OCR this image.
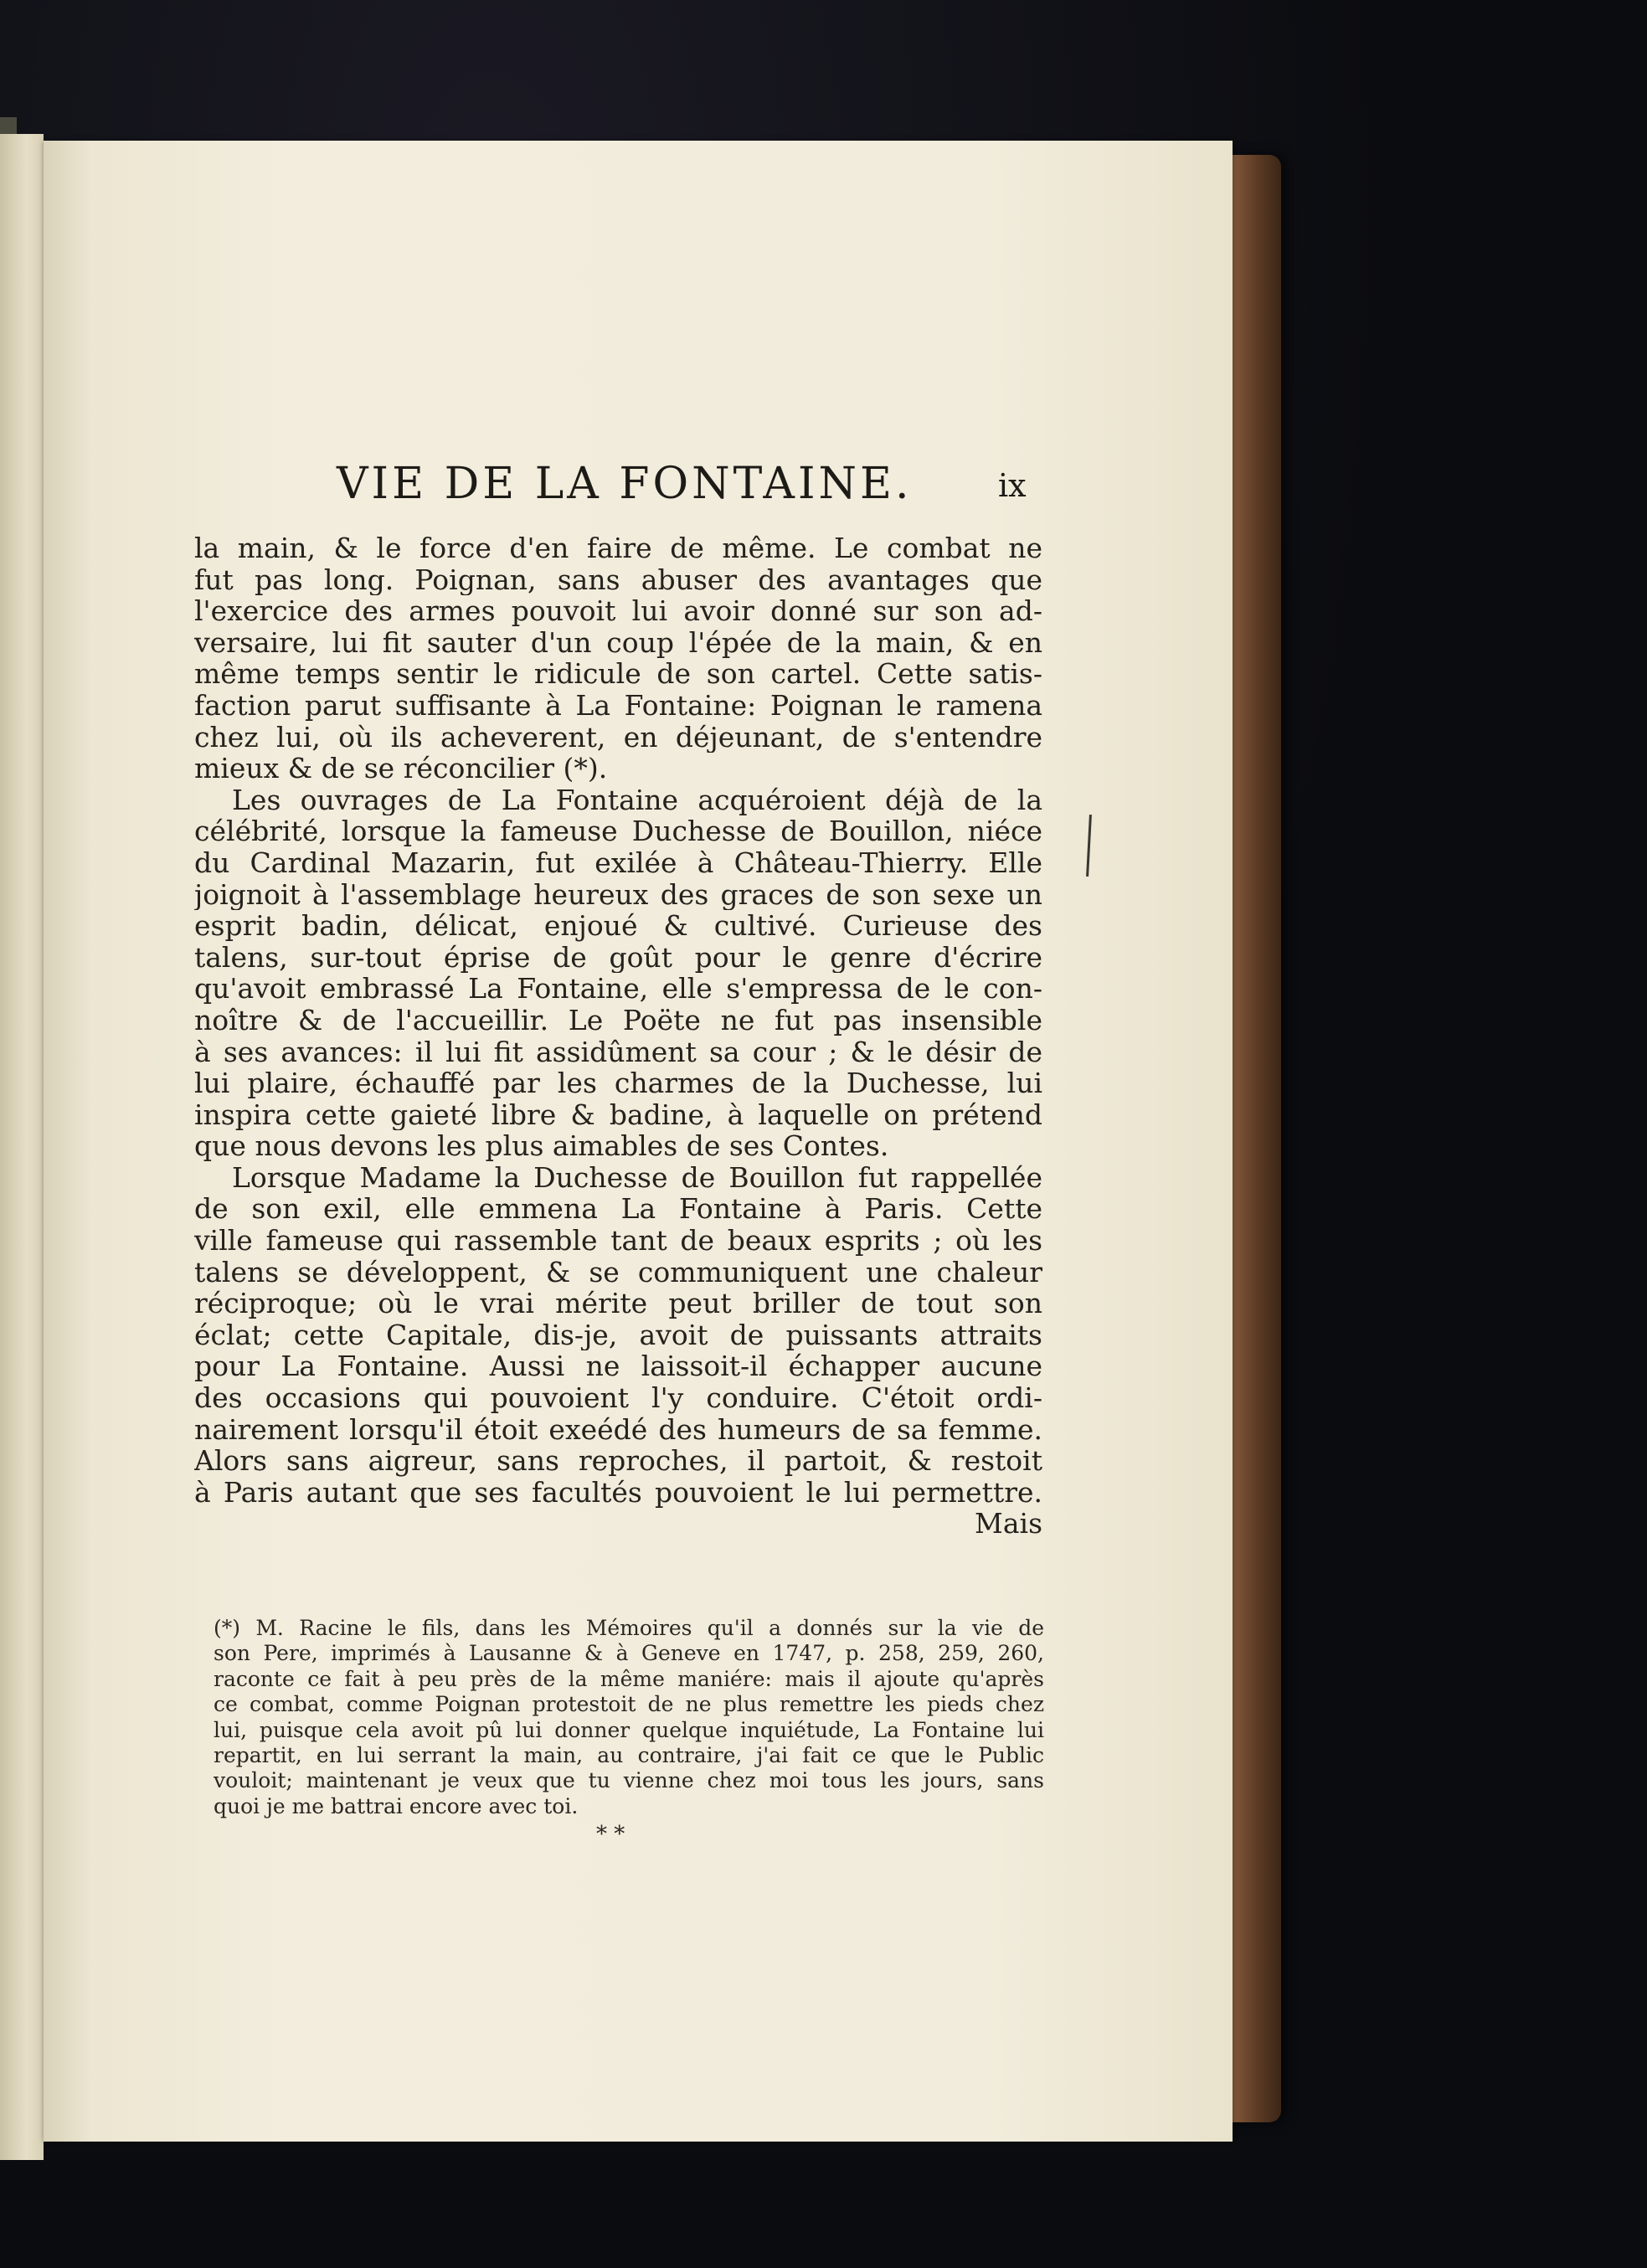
VIE DE LA FONTAINE.	ix
la main, & le force d'en faire de même. Le combat ne
fut pas long. Poignan, sans abuser des avantages que
l'exercice des armes pouvoit lui avoir donné sur son ad-
versaire, lui fit sauter d'un coup l'épée de la main, & en
même temps sentir le ridicule de son cartel. Cette satis-
faction parut suffisante à La Fontaine: Poignan le ramena
chez lui, où ils acheverent, en déjeunant, de s'entendre
mieux & de se réconcilier (*).
Les ouvrages de La Fontaine acquéroient déjà de la
célébrité, lorsque la fameuse Duchesse de Bouillon, niéce
du Cardinal Mazarin, fut exilée à Château-Thierry. Elle
joignoit à l'assemblage heureux des graces de son sexe un
esprit badin, délicat, enjoué & cultivé. Curieuse des
talens, sur-tout éprise de goût pour le genre d'écrire
qu'avoit embrassé La Fontaine, elle s'empressa de le con-
noître & de l'accueillir. Le Poëte ne fut pas insensible
à ses avances: il lui fit assidûment sa cour ; & le désir de
lui plaire, échauffé par les charmes de la Duchesse, lui
inspira cette gaieté libre & badine, à laquelle on prétend
que nous devons les plus aimables de ses Contes.
Lorsque Madame la Duchesse de Bouillon fut rappellée
de son exil, elle emmena La Fontaine à Paris. Cette
ville fameuse qui rassemble tant de beaux esprits ; où les
talens se développent, & se communiquent une chaleur
réciproque; où le vrai mérite peut briller de tout son
éclat; cette Capitale, dis-je, avoit de puissants attraits
pour La Fontaine. Aussi ne laissoit-il échapper aucune
des occasions qui pouvoient l'y conduire. C'étoit ordi-
nairement lorsqu'il étoit exeédé des humeurs de sa femme.
Alors sans aigreur, sans reproches, il partoit, & restoit
à Paris autant que ses facultés pouvoient le lui permettre.
Mais
(*) M. Racine le fils, dans les Mémoires qu'il a donnés sur la vie de
son Pere, imprimés à Lausanne & à Geneve en 1747, p. 258, 259, 260,
raconte ce fait à peu près de la même maniére: mais il ajoute qu'après
ce combat, comme Poignan protestoit de ne plus remettre les pieds chez
lui, puisque cela avoit pû lui donner quelque inquiétude, La Fontaine lui
repartit, en lui serrant la main, au contraire, j'ai fait ce que le Public
vouloit; maintenant je veux que tu vienne chez moi tous les jours, sans
quoi je me battrai encore avec toi.
* *
